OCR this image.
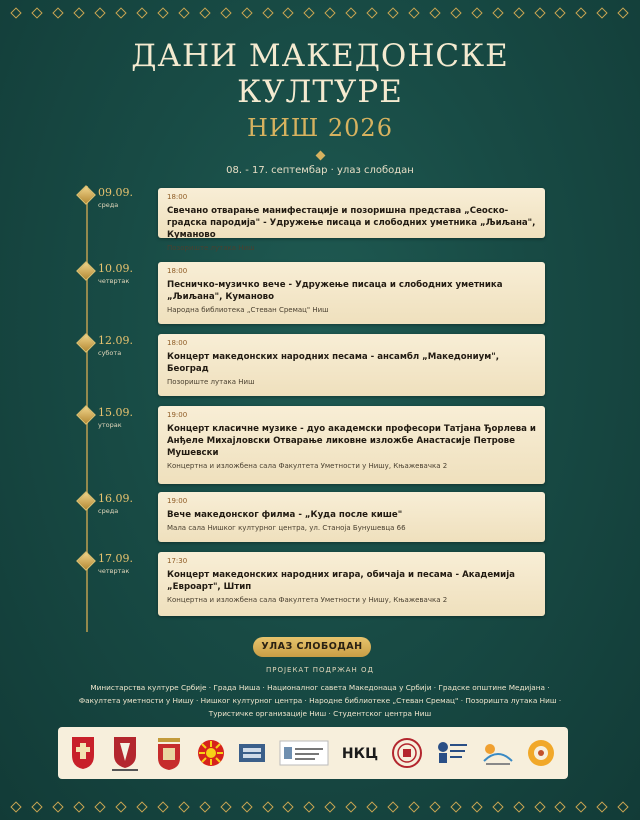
ДАНИ МАКЕДОНСКЕ
КУЛТУРЕ
НИШ 2026
08. - 17. септембар · улаз слободан
09.09.
среда
18:00
Свечано отварање манифестације и позоришна представа „Сеоско-градска пародија" - Удружење писаца и слободних уметника „Љиљана", Куманово
Позориште лутака Ниш
10.09.
четвртак
18:00
Песничко-музичко вече - Удружење писаца и слободних уметника „Љиљана", Куманово
Народна библиотека „Стеван Сремац" Ниш
12.09.
субота
18:00
Концерт македонских народних песама - ансамбл „Македониум", Београд
Позориште лутака Ниш
15.09.
уторак
19:00
Концерт класичне музике - дуо академски професори Татјана Ђорлева и Анђеле Михајловски Отварање ликовне изложбе Анастасије Петрове Мушевски
Концертна и изложбена сала Факултета Уметности у Нишу, Књажевачка 2
16.09.
среда
19:00
Вече македонског филма - „Куда после кише"
Мала сала Нишког културног центра, ул. Станоја Бунушевца 66
17.09.
четвртак
17:30
Концерт македонских народних игара, обичаја и песама - Академија „Евроарт", Штип
Концертна и изложбена сала Факултета Уметности у Нишу, Књажевачка 2
УЛАЗ СЛОБОДАН
ПРОЈЕКАТ ПОДРЖАН ОД
Министарства културе Србије · Града Ниша · Националног савета Македонаца у Србији · Градске општине Медијана · Факултета уметности у Нишу · Нишког културног центра · Народне библиотеке „Стеван Сремац" · Позоришта лутака Ниш · Туристичке организације Ниш · Студентског центра Ниш
НКЦ
